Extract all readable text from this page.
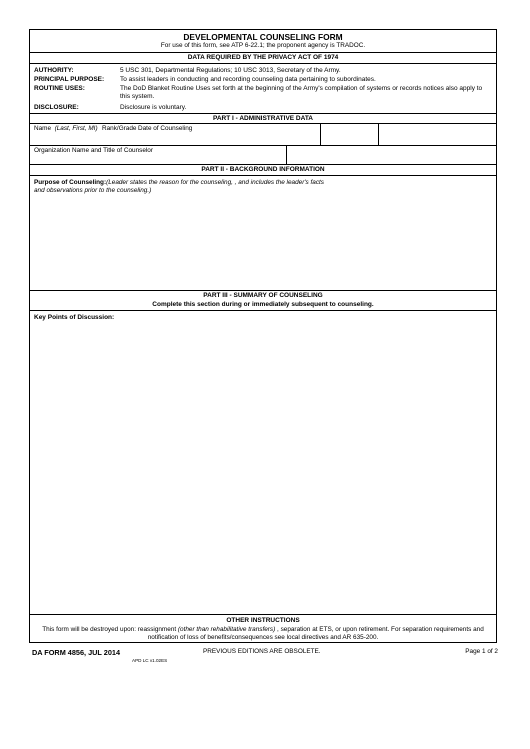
DEVELOPMENTAL COUNSELING FORM
For use of this form, see ATP 6-22.1; the proponent agency is TRADOC.
DATA REQUIRED BY THE PRIVACY ACT OF 1974
AUTHORITY:	5 USC 301, Departmental Regulations; 10 USC 3013, Secretary of the Army.
PRINCIPAL PURPOSE: To assist leaders in conducting and recording counseling data pertaining to subordinates.
ROUTINE USES:	The DoD Blanket Routine Uses set forth at the beginning of the Army's compilation of systems or records notices also apply to this system.
DISCLOSURE:	Disclosure is voluntary.
PART I - ADMINISTRATIVE DATA
Name (Last, First, MI) Rank/Grade Date of Counseling
Organization Name and Title of Counselor
PART II - BACKGROUND INFORMATION
Purpose of Counseling:(Leader states the reason for the counseling, , and includes the leader's facts and observations prior to the counseling.)
PART III - SUMMARY OF COUNSELING
Complete this section during or immediately subsequent to counseling.
Key Points of Discussion:
OTHER INSTRUCTIONS
This form will be destroyed upon: reassignment (other than rehabilitative transfers) , separation at ETS, or upon retirement. For separation requirements and notification of loss of benefits/consequences see local directives and AR 635-200.
DA FORM 4856, JUL 2014
APD LC v1.02ES
PREVIOUS EDITIONS ARE OBSOLETE.	Page 1 of 2
